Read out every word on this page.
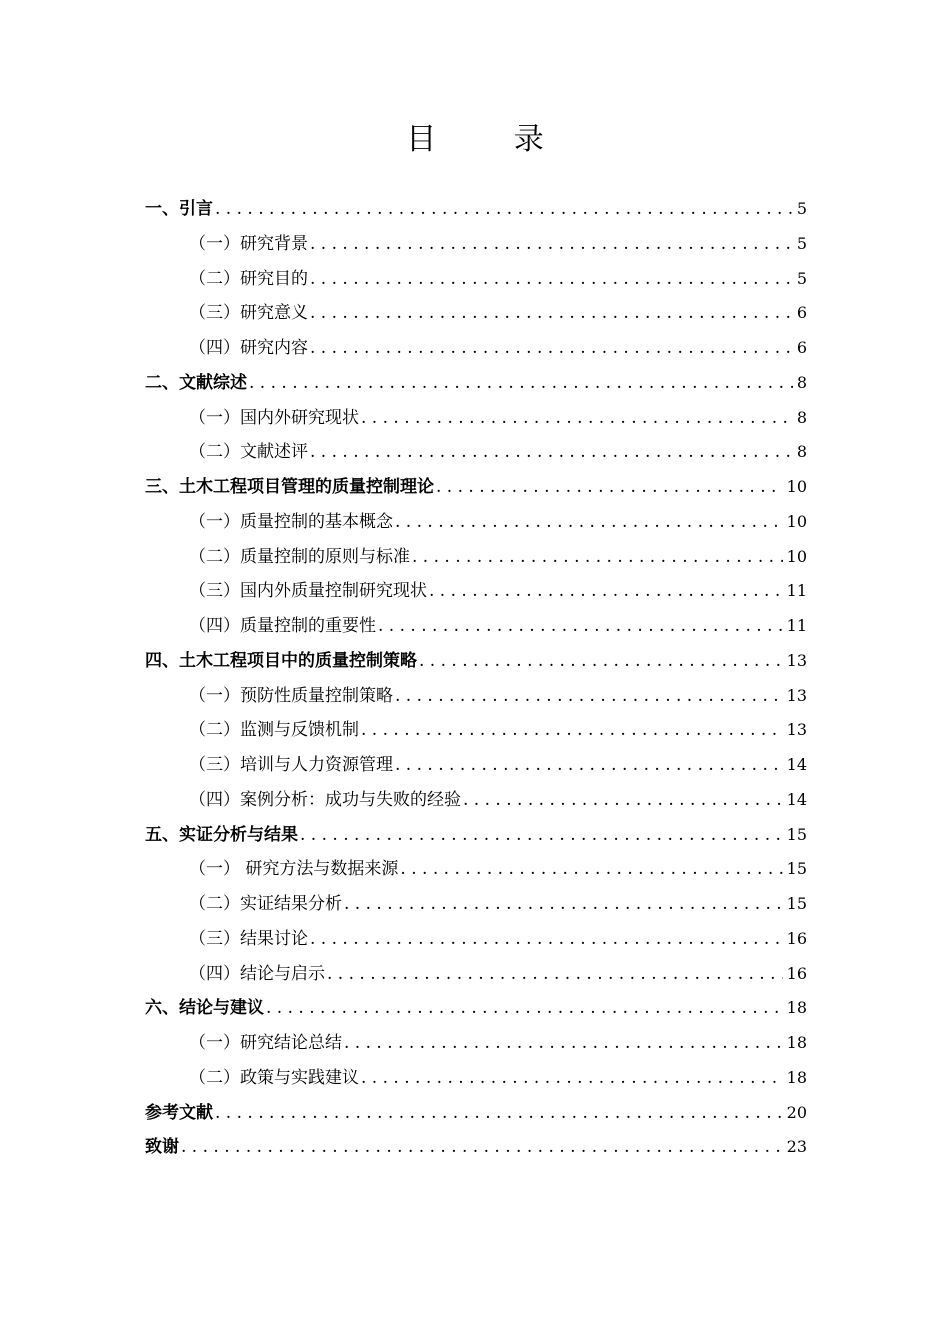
目 录
一、引言 . . .	5
（一）研究背景 . . .	5
（二）研究目的 . . .	5
（三）研究意义 . . .	6
（四）研究内容 . . .	6
二、文献综述 . . .	8
（一）国内外研究现状 . . .	8
（二）文献述评 . . .	8
三、土木工程项目管理的质量控制理论 . . .	10
（一）质量控制的基本概念 . . .	10
（二）质量控制的原则与标准 . . .	10
（三）国内外质量控制研究现状 . . .	11
（四）质量控制的重要性 . . .	11
四、土木工程项目中的质量控制策略 . . .	13
（一）预防性质量控制策略 . . .	13
（二）监测与反馈机制 . . .	13
（三）培训与人力资源管理 . . .	14
（四）案例分析：成功与失败的经验 . . .	14
五、实证分析与结果 . . .	15
（一） 研究方法与数据来源 . . .	15
（二）实证结果分析 . . .	15
（三）结果讨论 . . .	16
（四）结论与启示 . . .	16
六、结论与建议 . . .	18
（一）研究结论总结 . . .	18
（二）政策与实践建议 . . .	18
参考文献 . . .	20
致谢 . . .	23
